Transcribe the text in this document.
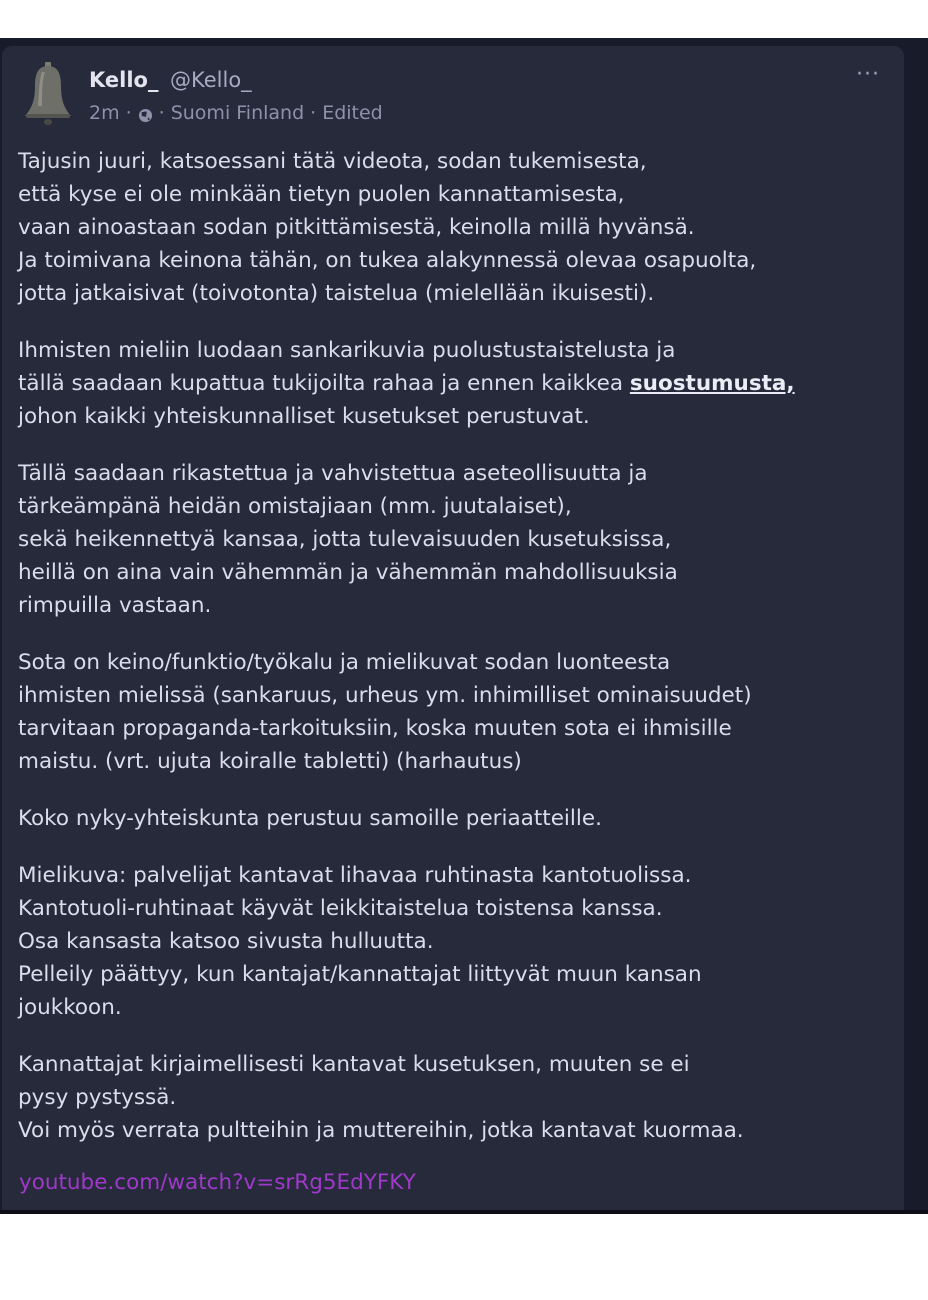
Kello_ @Kello_
2m · · Suomi Finland · Edited
···
Tajusin juuri, katsoessani tätä videota, sodan tukemisesta,
että kyse ei ole minkään tietyn puolen kannattamisesta,
vaan ainoastaan sodan pitkittämisestä, keinolla millä hyvänsä.
Ja toimivana keinona tähän, on tukea alakynnessä olevaa osapuolta,
jotta jatkaisivat (toivotonta) taistelua (mielellään ikuisesti).
Ihmisten mieliin luodaan sankarikuvia puolustustaistelusta ja
tällä saadaan kupattua tukijoilta rahaa ja ennen kaikkea suostumusta,
johon kaikki yhteiskunnalliset kusetukset perustuvat.
Tällä saadaan rikastettua ja vahvistettua aseteollisuutta ja
tärkeämpänä heidän omistajiaan (mm. juutalaiset),
sekä heikennettyä kansaa, jotta tulevaisuuden kusetuksissa,
heillä on aina vain vähemmän ja vähemmän mahdollisuuksia
rimpuilla vastaan.
Sota on keino/funktio/työkalu ja mielikuvat sodan luonteesta
ihmisten mielissä (sankaruus, urheus ym. inhimilliset ominaisuudet)
tarvitaan propaganda-tarkoituksiin, koska muuten sota ei ihmisille
maistu. (vrt. ujuta koiralle tabletti) (harhautus)
Koko nyky-yhteiskunta perustuu samoille periaatteille.
Mielikuva: palvelijat kantavat lihavaa ruhtinasta kantotuolissa.
Kantotuoli-ruhtinaat käyvät leikkitaistelua toistensa kanssa.
Osa kansasta katsoo sivusta hulluutta.
Pelleily päättyy, kun kantajat/kannattajat liittyvät muun kansan
joukkoon.
Kannattajat kirjaimellisesti kantavat kusetuksen, muuten se ei
pysy pystyssä.
Voi myös verrata pultteihin ja muttereihin, jotka kantavat kuormaa.
youtube.com/watch?v=srRg5EdYFKY
